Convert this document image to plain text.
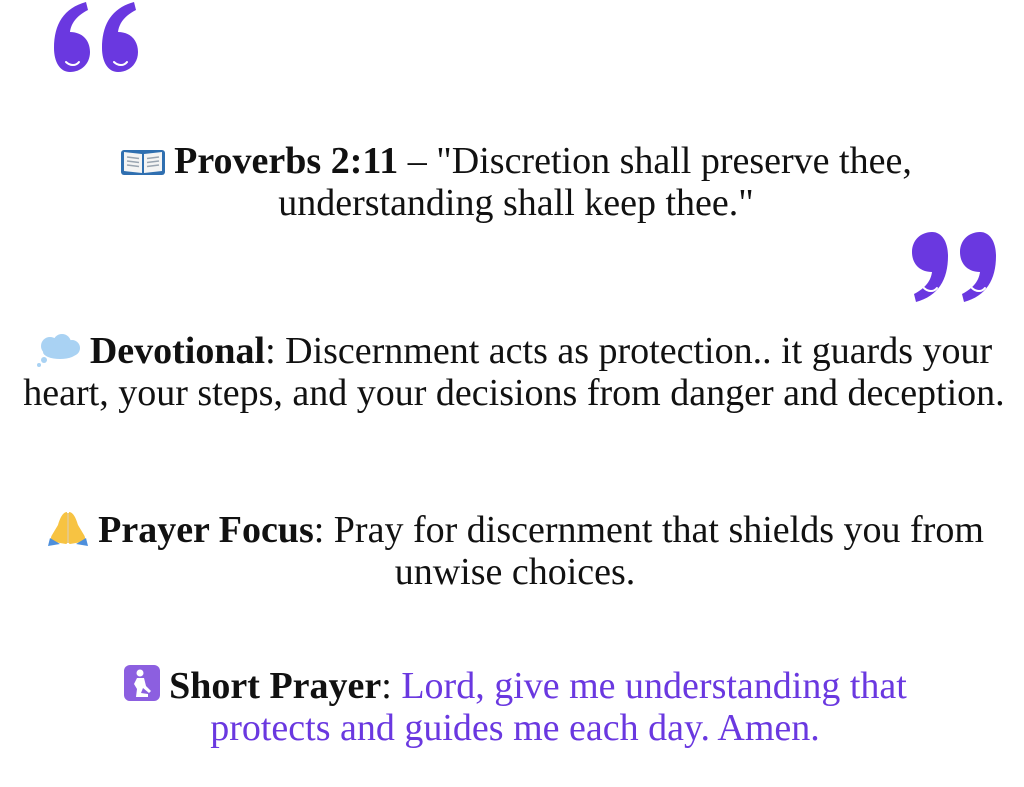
Proverbs 2:11 – "Discretion shall preserve thee, understanding shall keep thee."
Devotional: Discernment acts as protection.. it guards your heart, your steps, and your decisions from danger and deception.
Prayer Focus: Pray for discernment that shields you from unwise choices.
Short Prayer: Lord, give me understanding that protects and guides me each day. Amen.
